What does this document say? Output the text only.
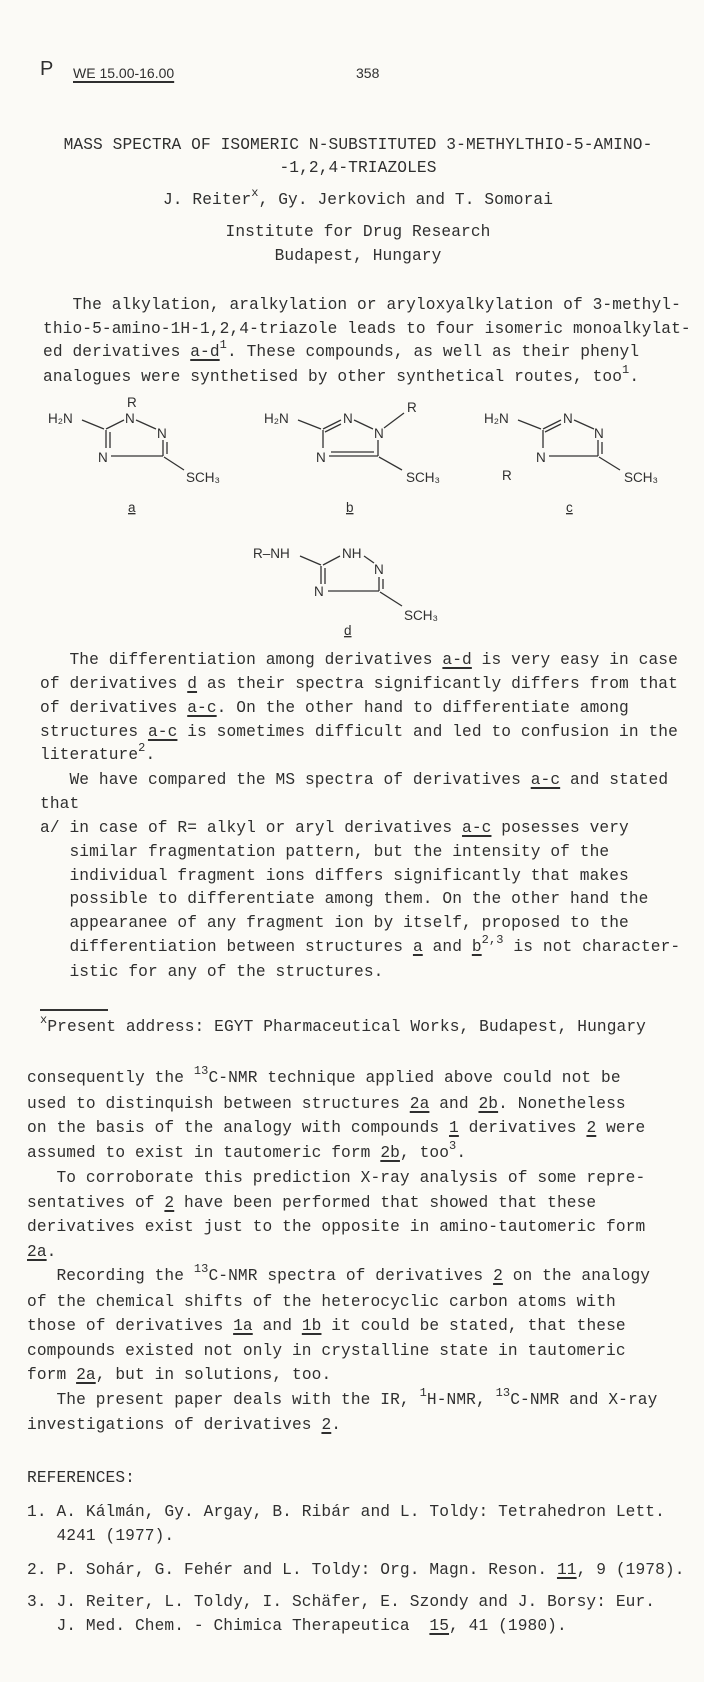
P WE 15.00-16.00	358
MASS SPECTRA OF ISOMERIC N-SUBSTITUTED 3-METHYLTHIO-5-AMINO-
-1,2,4-TRIAZOLES
J. Reiter$^x$, Gy. Jerkovich and T. Somorai
Institute for Drug Research
Budapest, Hungary
The alkylation, aralkylation or aryloxyalkylation of 3-methyl-
thio-5-amino-1H-1,2,4-triazole leads to four isomeric monoalkylat-
ed derivatives $a-d^1$. These compounds, as well as their phenyl
analogues were synthetised by other synthetical routes, too$^1$.
H₂N
R
N
N
N
SCH₃
a
H₂N
R
N
N
N
SCH₃
b
H₂N	N
N
N
R	SCH₃
c
R–NH	NH
N
N
SCH₃
d
The differentiation among derivatives a-d is very easy in case
of derivatives d as their spectra significantly differs from that
of derivatives a-c. On the other hand to differentiate among
structures a-c is sometimes difficult and led to confusion in the
literature$^2$.
We have compared the MS spectra of derivatives a-c and stated
that
a/ in case of R= alkyl or aryl derivatives a-c posesses very
similar fragmentation pattern, but the intensity of the
individual fragment ions differs significantly that makes
possible to differentiate among them. On the other hand the
appearanee of any fragment ion by itself, proposed to the
differentiation between structures a and $b^{2,3}$ is not character-
istic for any of the structures.
$^x$Present address: EGYT Pharmaceutical Works, Budapest, Hungary
consequently the $^{13}$C-NMR technique applied above could not be
used to distinquish between structures 2a and 2b. Nonetheless
on the basis of the analogy with compounds 1 derivatives 2 were
assumed to exist in tautomeric form 2b, too$^3$.
To corroborate this prediction X-ray analysis of some repre-
sentatives of 2 have been performed that showed that these
derivatives exist just to the opposite in amino-tautomeric form
2a.
Recording the $^{13}$C-NMR spectra of derivatives 2 on the analogy
of the chemical shifts of the heterocyclic carbon atoms with
those of derivatives 1a and 1b it could be stated, that these
compounds existed not only in crystalline state in tautomeric
form 2a, but in solutions, too.
The present paper deals with the IR, $^1$H-NMR, $^{13}$C-NMR and X-ray
investigations of derivatives 2.
REFERENCES:
1. A. Kálmán, Gy. Argay, B. Ribár and L. Toldy: Tetrahedron Lett.
4241 (1977).
2. P. Sohár, G. Fehér and L. Toldy: Org. Magn. Reson. 11, 9 (1978).
3. J. Reiter, L. Toldy, I. Schäfer, E. Szondy and J. Borsy: Eur.
J. Med. Chem. - Chimica Therapeutica  15, 41 (1980).
